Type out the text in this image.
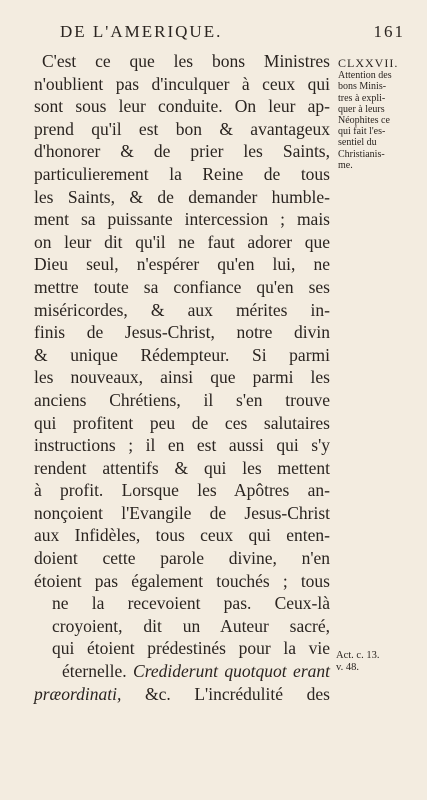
DE L'AMERIQUE.	161
C'est ce que les bons Ministres
n'oublient pas d'inculquer à ceux qui
sont sous leur conduite. On leur ap-
prend qu'il est bon & avantageux
d'honorer & de prier les Saints,
particulierement la Reine de tous
les Saints, & de demander humble-
ment sa puissante intercession ; mais
on leur dit qu'il ne faut adorer que
Dieu seul, n'espérer qu'en lui, ne
mettre toute sa confiance qu'en ses
miséricordes, & aux mérites in-
finis de Jesus-Christ, notre divin
& unique Rédempteur. Si parmi
les nouveaux, ainsi que parmi les
anciens Chrétiens, il s'en trouve
qui profitent peu de ces salutaires
instructions ; il en est aussi qui s'y
rendent attentifs & qui les mettent
à profit. Lorsque les Apôtres an-
nonçoient l'Evangile de Jesus-Christ
aux Infidèles, tous ceux qui enten-
doient cette parole divine, n'en
étoient pas également touchés ; tous
ne la recevoient pas. Ceux-là
croyoient, dit un Auteur sacré,
qui étoient prédestinés pour la vie
éternelle. Crediderunt quotquot erant
præordinati, &c. L'incrédulité des
CLXXVII.
Attention des
bons Minis-
tres à expli-
quer à leurs
Néophites ce
qui fait l'es-
sentiel du
Christianis-
me.
Act. c. 13.
v. 48.
